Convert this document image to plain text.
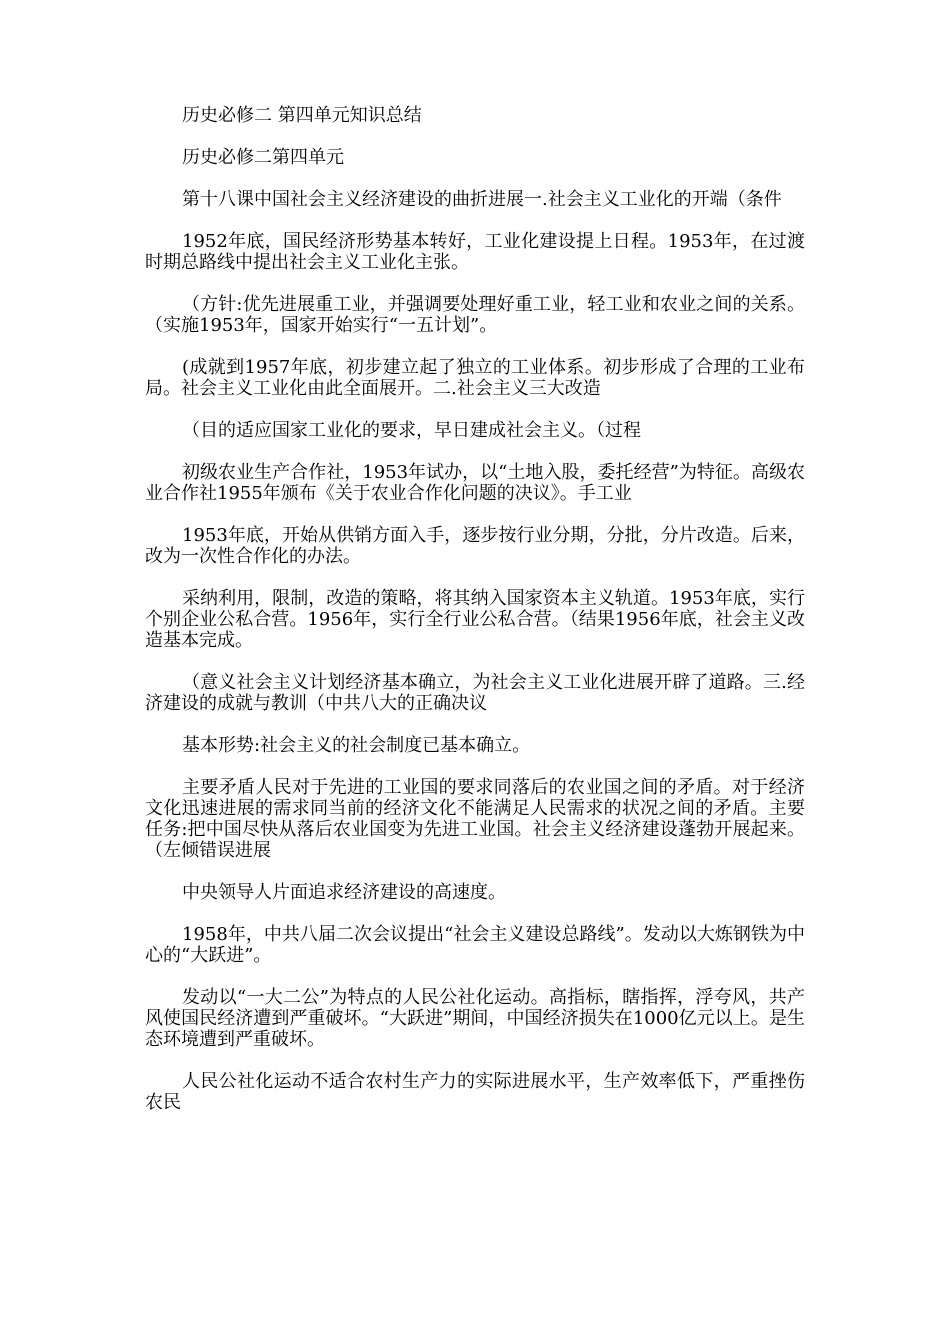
历史必修二 第四单元知识总结

历史必修二第四单元

第十八课中国社会主义经济建设的曲折进展一.社会主义工业化的开端（条件

1952年底，国民经济形势基本转好，工业化建设提上日程。1953年，在过渡时期总路线中提出社会主义工业化主张。

（方针:优先进展重工业，并强调要处理好重工业，轻工业和农业之间的关系。（实施1953年，国家开始实行“一五计划”。

(成就到1957年底，初步建立起了独立的工业体系。初步形成了合理的工业布局。社会主义工业化由此全面展开。二.社会主义三大改造

（目的适应国家工业化的要求，早日建成社会主义。（过程

初级农业生产合作社，1953年试办，以“土地入股，委托经营”为特征。高级农业合作社1955年颁布《关于农业合作化问题的决议》。手工业

1953年底，开始从供销方面入手，逐步按行业分期，分批，分片改造。后来，改为一次性合作化的办法。

采纳利用，限制，改造的策略，将其纳入国家资本主义轨道。1953年底，实行个别企业公私合营。1956年，实行全行业公私合营。（结果1956年底，社会主义改造基本完成。

（意义社会主义计划经济基本确立，为社会主义工业化进展开辟了道路。三.经济建设的成就与教训（中共八大的正确决议

基本形势:社会主义的社会制度已基本确立。

主要矛盾人民对于先进的工业国的要求同落后的农业国之间的矛盾。对于经济文化迅速进展的需求同当前的经济文化不能满足人民需求的状况之间的矛盾。主要任务:把中国尽快从落后农业国变为先进工业国。社会主义经济建设蓬勃开展起来。（左倾错误进展

中央领导人片面追求经济建设的高速度。

1958年，中共八届二次会议提出“社会主义建设总路线”。发动以大炼钢铁为中心的“大跃进”。

发动以“一大二公”为特点的人民公社化运动。高指标，瞎指挥，浮夸风，共产风使国民经济遭到严重破坏。“大跃进”期间，中国经济损失在1000亿元以上。是生态环境遭到严重破坏。

人民公社化运动不适合农村生产力的实际进展水平，生产效率低下，严重挫伤农民
